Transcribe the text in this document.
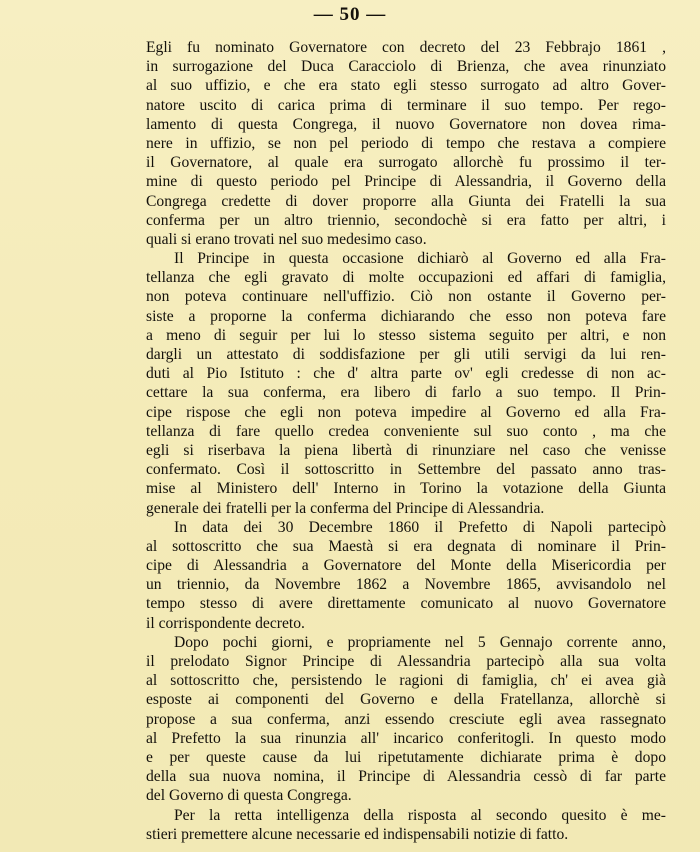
— 50 —
Egli fu nominato Governatore con decreto del 23 Febbrajo 1861 ,
in surrogazione del Duca Caracciolo di Brienza, che avea rinunziato
al suo uffizio, e che era stato egli stesso surrogato ad altro Gover-
natore uscito di carica prima di terminare il suo tempo. Per rego-
lamento di questa Congrega, il nuovo Governatore non dovea rima-
nere in uffizio, se non pel periodo di tempo che restava a compiere
il Governatore, al quale era surrogato allorchè fu prossimo il ter-
mine di questo periodo pel Principe di Alessandria, il Governo della
Congrega credette di dover proporre alla Giunta dei Fratelli la sua
conferma per un altro triennio, secondochè si era fatto per altri, i
quali si erano trovati nel suo medesimo caso.
Il Principe in questa occasione dichiarò al Governo ed alla Fra-
tellanza che egli gravato di molte occupazioni ed affari di famiglia,
non poteva continuare nell'uffizio. Ciò non ostante il Governo per-
siste a proporne la conferma dichiarando che esso non poteva fare
a meno di seguir per lui lo stesso sistema seguito per altri, e non
dargli un attestato di soddisfazione per gli utili servigi da lui ren-
duti al Pio Istituto : che d' altra parte ov' egli credesse di non ac-
cettare la sua conferma, era libero di farlo a suo tempo. Il Prin-
cipe rispose che egli non poteva impedire al Governo ed alla Fra-
tellanza di fare quello credea conveniente sul suo conto , ma che
egli si riserbava la piena libertà di rinunziare nel caso che venisse
confermato. Così il sottoscritto in Settembre del passato anno tras-
mise al Ministero dell' Interno in Torino la votazione della Giunta
generale dei fratelli per la conferma del Principe di Alessandria.
In data dei 30 Decembre 1860 il Prefetto di Napoli partecipò
al sottoscritto che sua Maestà si era degnata di nominare il Prin-
cipe di Alessandria a Governatore del Monte della Misericordia per
un triennio, da Novembre 1862 a Novembre 1865, avvisandolo nel
tempo stesso di avere direttamente comunicato al nuovo Governatore
il corrispondente decreto.
Dopo pochi giorni, e propriamente nel 5 Gennajo corrente anno,
il prelodato Signor Principe di Alessandria partecipò alla sua volta
al sottoscritto che, persistendo le ragioni di famiglia, ch' ei avea già
esposte ai componenti del Governo e della Fratellanza, allorchè si
propose a sua conferma, anzi essendo cresciute egli avea rassegnato
al Prefetto la sua rinunzia all' incarico conferitogli. In questo modo
e per queste cause da lui ripetutamente dichiarate prima è dopo
della sua nuova nomina, il Principe di Alessandria cessò di far parte
del Governo di questa Congrega.
Per la retta intelligenza della risposta al secondo quesito è me-
stieri premettere alcune necessarie ed indispensabili notizie di fatto.
